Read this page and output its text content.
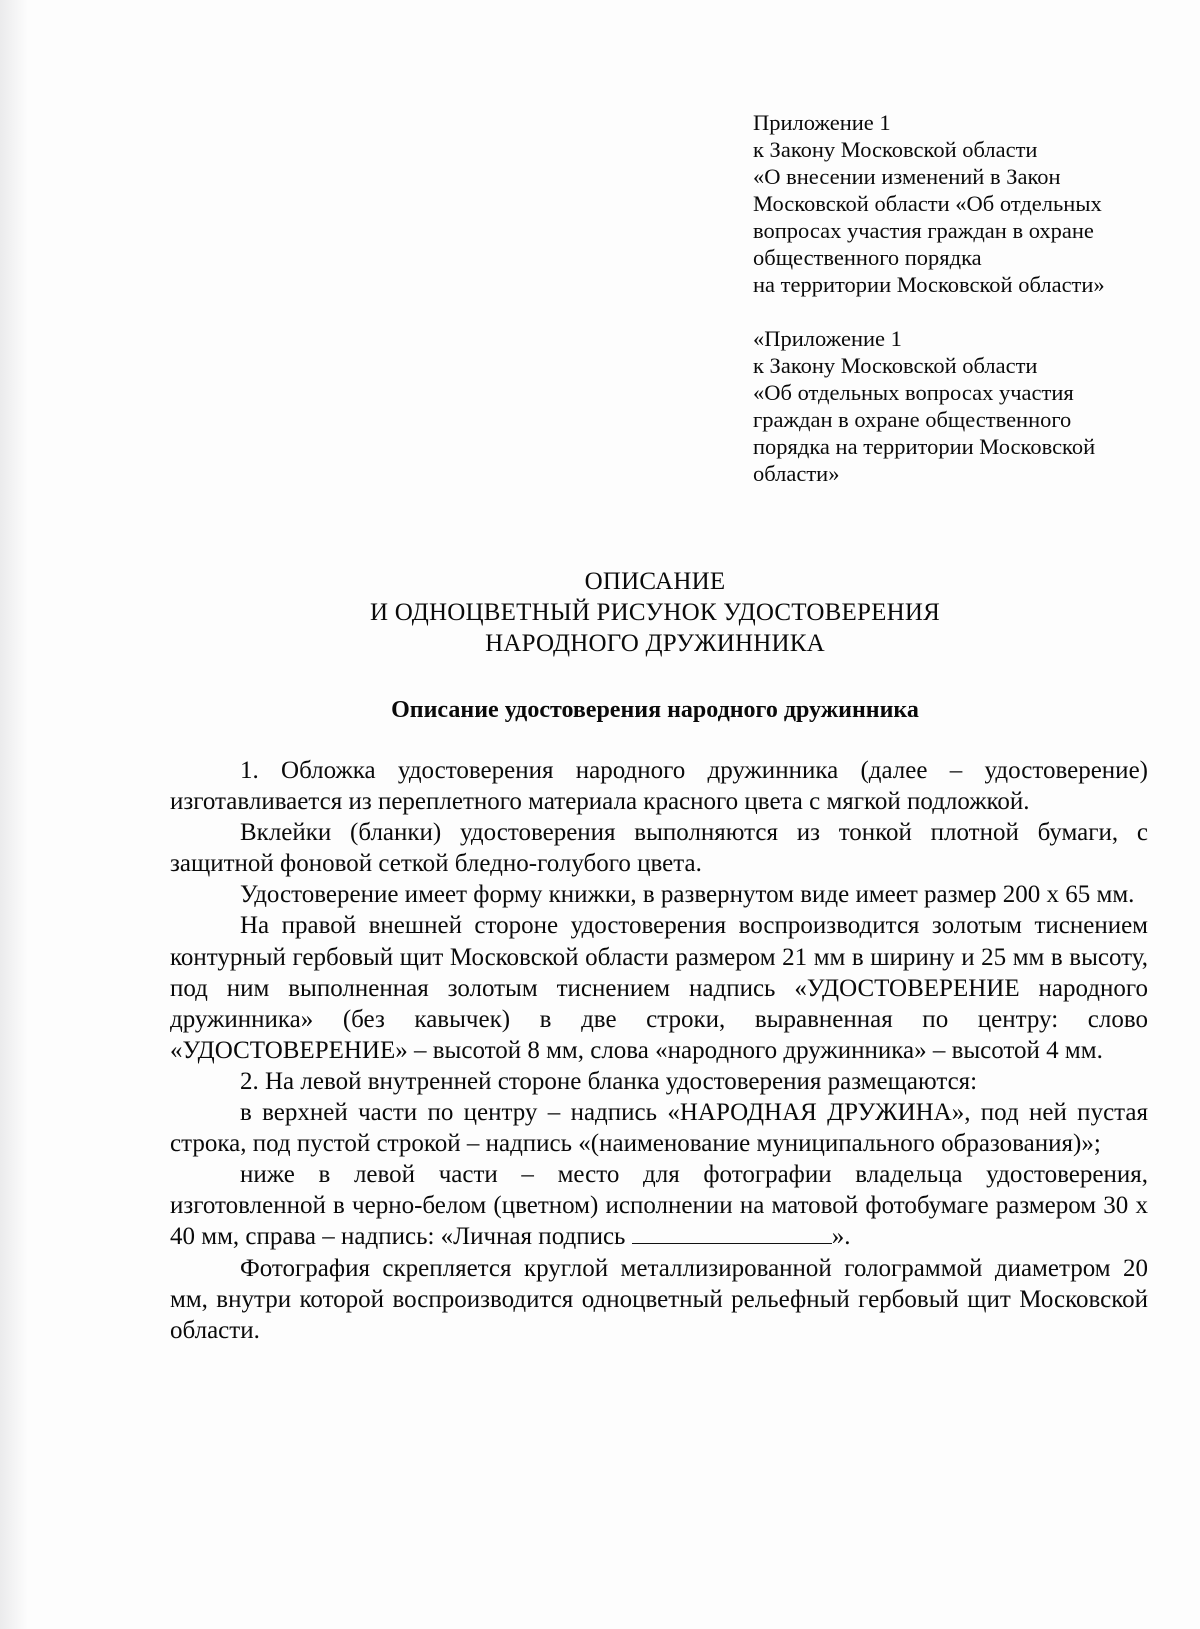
Приложение 1
к Закону Московской области
«О внесении изменений в Закон
Московской области «Об отдельных
вопросах участия граждан в охране
общественного порядка
на территории Московской области»
«Приложение 1
к Закону Московской области
«Об отдельных вопросах участия
граждан в охране общественного
порядка на территории Московской
области»
ОПИСАНИЕ
И ОДНОЦВЕТНЫЙ РИСУНОК УДОСТОВЕРЕНИЯ
НАРОДНОГО ДРУЖИННИКА
Описание удостоверения народного дружинника

1. Обложка удостоверения народного дружинника (далее – удостоверение) изготавливается из переплетного материала красного цвета с мягкой подложкой.

Вклейки (бланки) удостоверения выполняются из тонкой плотной бумаги, с защитной фоновой сеткой бледно-голубого цвета.

Удостоверение имеет форму книжки, в развернутом виде имеет размер 200 х 65 мм.

На правой внешней стороне удостоверения воспроизводится золотым тиснением контурный гербовый щит Московской области размером 21 мм в ширину и 25 мм в высоту, под ним выполненная золотым тиснением надпись «УДОСТОВЕРЕНИЕ народного дружинника» (без кавычек) в две строки, выравненная по центру: слово «УДОСТОВЕРЕНИЕ» – высотой 8 мм, слова «народного дружинника» – высотой 4 мм.

2. На левой внутренней стороне бланка удостоверения размещаются:

в верхней части по центру – надпись «НАРОДНАЯ ДРУЖИНА», под ней пустая строка, под пустой строкой – надпись «(наименование муниципального образования)»;

ниже в левой части – место для фотографии владельца удостоверения, изготовленной в черно-белом (цветном) исполнении на матовой фотобумаге размером 30 х 40 мм, справа – надпись: «Личная подпись	».

Фотография скрепляется круглой металлизированной голограммой диаметром 20 мм, внутри которой воспроизводится одноцветный рельефный гербовый щит Московской области.
